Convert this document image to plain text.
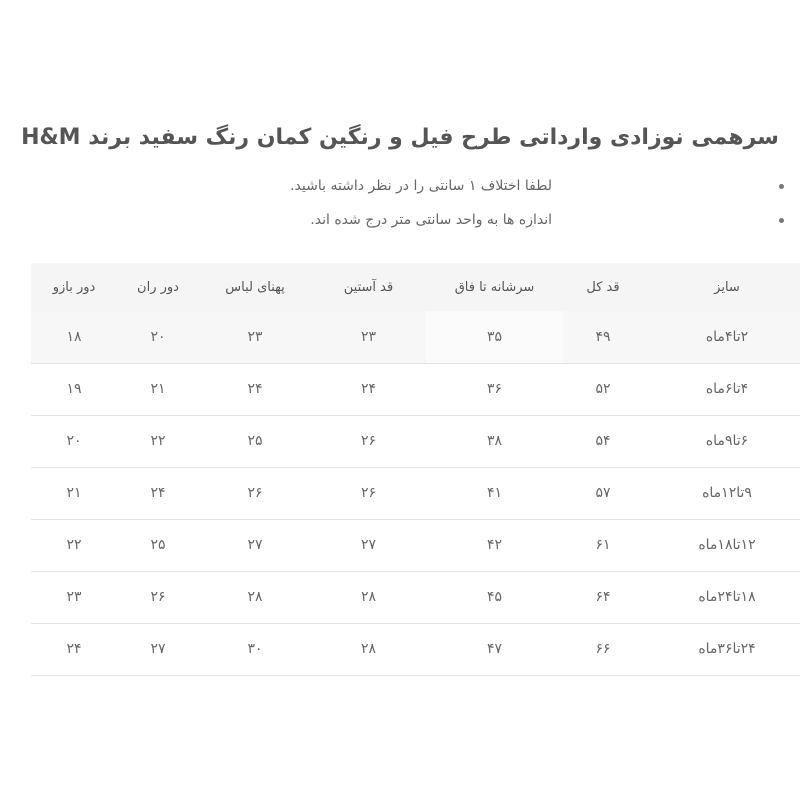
سرهمی نوزادی وارداتی طرح فیل و رنگین کمان رنگ سفید برند H&M
لطفا اختلاف ۱ سانتی را در نظر داشته باشید.
اندازه ها به واحد سانتی متر درج شده اند.
سایز	قد کل	سرشانه تا فاق	قد آستین	پهنای لباس	دور ران	دور بازو
۲تا۴ماه	۴۹	۳۵	۲۳	۲۳	۲۰	۱۸
۴تا۶ماه	۵۲	۳۶	۲۴	۲۴	۲۱	۱۹
۶تا۹ماه	۵۴	۳۸	۲۶	۲۵	۲۲	۲۰
۹تا۱۲ماه	۵۷	۴۱	۲۶	۲۶	۲۴	۲۱
۱۲تا۱۸ماه	۶۱	۴۲	۲۷	۲۷	۲۵	۲۲
۱۸تا۲۴ماه	۶۴	۴۵	۲۸	۲۸	۲۶	۲۳
۲۴تا۳۶ماه	۶۶	۴۷	۲۸	۳۰	۲۷	۲۴
